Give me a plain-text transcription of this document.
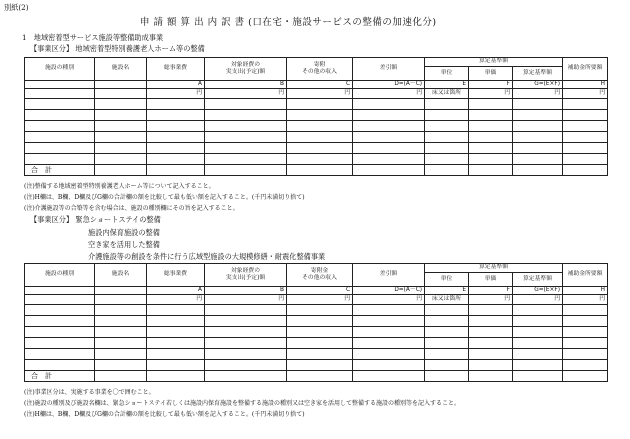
別紙(2)
申 請 額 算 出 内 訳 書 (口在宅・施設サービスの整備の加速化分)
1　地域密着型サービス施設等整備助成事業
【事業区分】 地域密着型特別養護老人ホーム等の整備
施設の種別	施設名	総事業費	対象経費の
実支出(予定)額	寄附
その他の収入	差引額	算定基準額			補助金所要額
						単位	単価	算定基準額	
		A	B	C	D=(A－C)	E	F	G=(E×F)	H
		円	円	円	円	床又は箇所	円	円	円

合　計									
(注)整備する地域密着型特別養護老人ホーム等について記入すること。
(注)H欄は、B欄、D欄及びG欄の合計欄の額を比較して最も低い額を記入すること。(千円未満切り捨て)
(注)介護施設等の合築等を含む場合は、施設の種別欄にその旨を記入すること。
【事業区分】 緊急ショートステイの整備
施設内保育施設の整備
空き家を活用した整備
介護施設等の創設を条件に行う広域型施設の大規模修繕・耐震化整備事業
施設の種別	施設名	総事業費	対象経費の
実支出(予定)額	寄附金
その他の収入	差引額	算定基準額			補助金所要額
						単位	単価	算定基準額	
		A	B	C	D=(A－C)	E	F	G=(E×F)	H
		円	円	円	円	床又は箇所	円	円	円

合　計									
(注)事業区分は、実施する事業を〇で囲むこと。
(注)施設の種別及び施設名欄は、緊急ショートステイ若しくは施設内保育施設を整備する施設の種別又は空き家を活用して整備する施設の種別等を記入すること。
(注)H欄は、B欄、D欄及びG欄の合計欄の額を比較して最も低い額を記入すること。(千円未満切り捨て)
